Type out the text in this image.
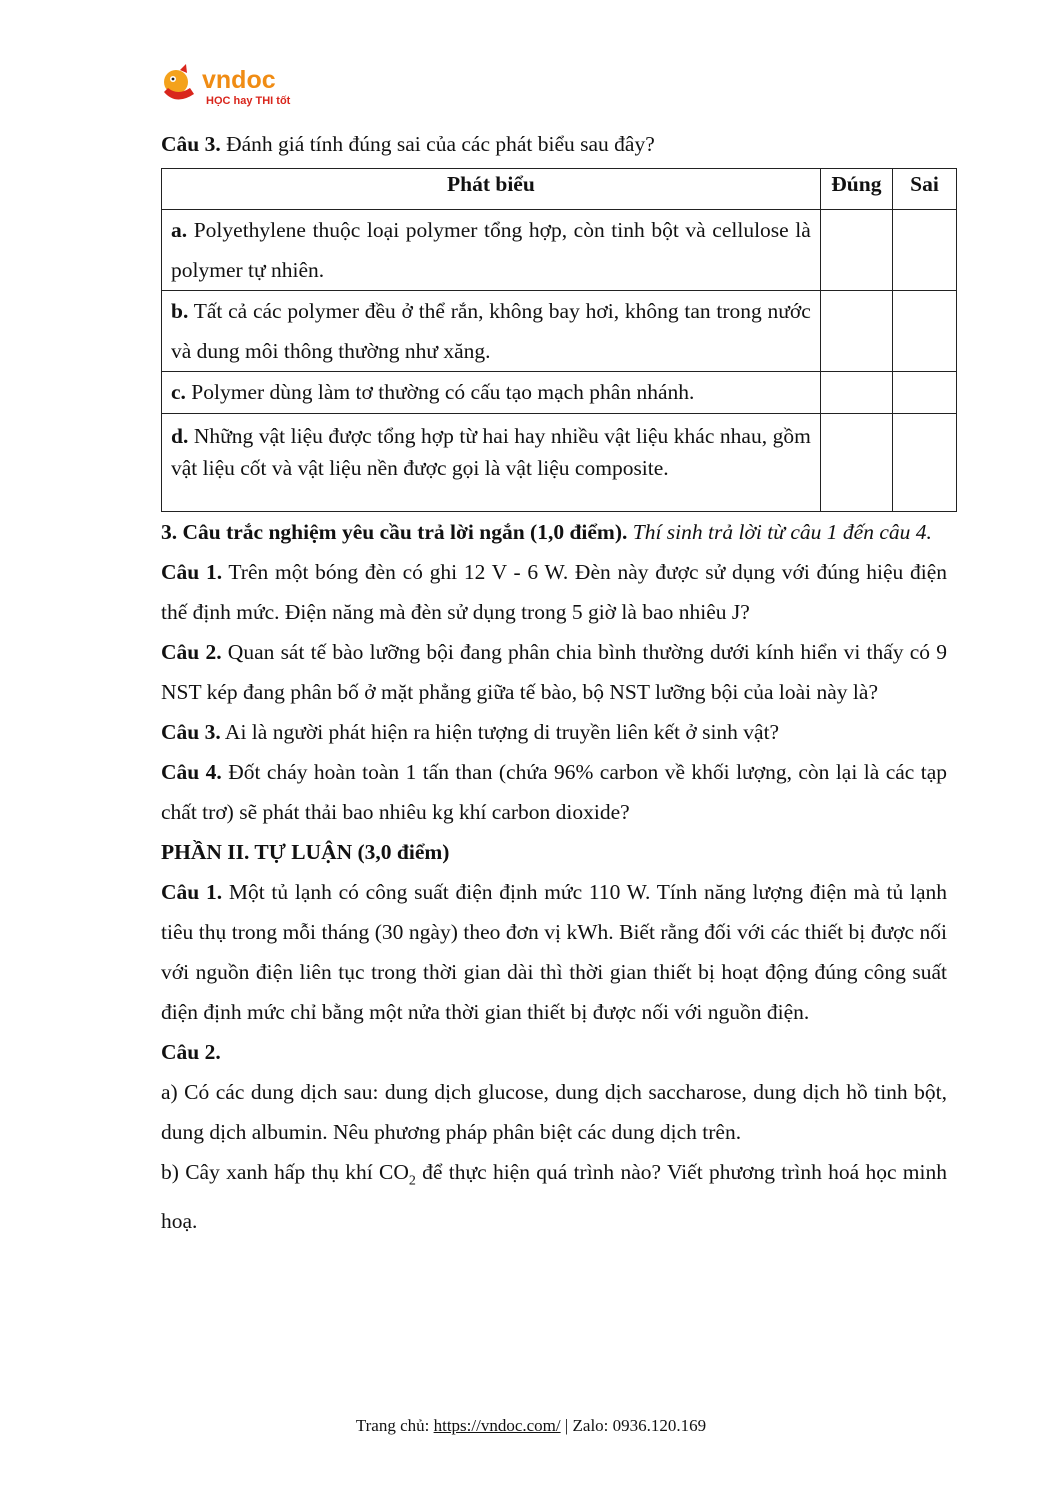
vndoc
HỌC hay THI tốt

Câu 3. Đánh giá tính đúng sai của các phát biểu sau đây?

Phát biểu	Đúng	Sai
a. Polyethylene thuộc loại polymer tổng hợp, còn tinh bột và cellulose là polymer tự nhiên.		
b. Tất cả các polymer đều ở thể rắn, không bay hơi, không tan trong nước và dung môi thông thường như xăng.		
c. Polymer dùng làm tơ thường có cấu tạo mạch phân nhánh.		
d. Những vật liệu được tổng hợp từ hai hay nhiều vật liệu khác nhau, gồm vật liệu cốt và vật liệu nền được gọi là vật liệu composite.		

3. Câu trắc nghiệm yêu cầu trả lời ngắn (1,0 điểm). Thí sinh trả lời từ câu 1 đến câu 4.

Câu 1. Trên một bóng đèn có ghi 12 V - 6 W. Đèn này được sử dụng với đúng hiệu điện thế định mức. Điện năng mà đèn sử dụng trong 5 giờ là bao nhiêu J?

Câu 2. Quan sát tế bào lưỡng bội đang phân chia bình thường dưới kính hiển vi thấy có 9 NST kép đang phân bố ở mặt phẳng giữa tế bào, bộ NST lưỡng bội của loài này là?

Câu 3. Ai là người phát hiện ra hiện tượng di truyền liên kết ở sinh vật?

Câu 4. Đốt cháy hoàn toàn 1 tấn than (chứa 96% carbon về khối lượng, còn lại là các tạp chất trơ) sẽ phát thải bao nhiêu kg khí carbon dioxide?

PHẦN II. TỰ LUẬN (3,0 điểm)

Câu 1. Một tủ lạnh có công suất điện định mức 110 W. Tính năng lượng điện mà tủ lạnh tiêu thụ trong mỗi tháng (30 ngày) theo đơn vị kWh. Biết rằng đối với các thiết bị được nối với nguồn điện liên tục trong thời gian dài thì thời gian thiết bị hoạt động đúng công suất điện định mức chỉ bằng một nửa thời gian thiết bị được nối với nguồn điện.

Câu 2.

a) Có các dung dịch sau: dung dịch glucose, dung dịch saccharose, dung dịch hồ tinh bột, dung dịch albumin. Nêu phương pháp phân biệt các dung dịch trên.

b) Cây xanh hấp thụ khí $CO_2$ để thực hiện quá trình nào? Viết phương trình hoá học minh hoạ.

Trang chủ: https://vndoc.com/ | Zalo: 0936.120.169
